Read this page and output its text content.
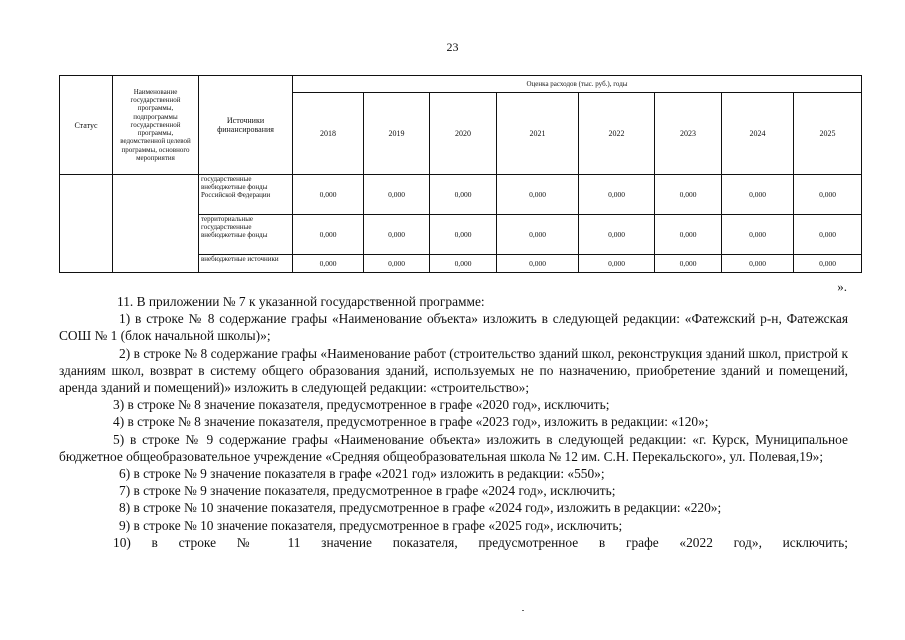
23
Статус	Наименование государственной программы, подпрограммы государственной программы, ведомственной целевой программы, основного мероприятия	Источники финансирования	Оценка расходов (тыс. руб.), годы							
			2018	2019	2020	2021	2022	2023	2024	2025
		государственные внебюджетные фонды Российской Федерации	0,000	0,000	0,000	0,000	0,000	0,000	0,000	0,000
		территориальные государственные внебюджетные фонды	0,000	0,000	0,000	0,000	0,000	0,000	0,000	0,000
		внебюджетные источники	0,000	0,000	0,000	0,000	0,000	0,000	0,000	0,000
».

11. В приложении № 7 к указанной государственной программе:

1) в строке № 8 содержание графы «Наименование объекта» изложить в следующей редакции: «Фатежский р-н, Фатежская СОШ № 1 (блок начальной школы)»;

2) в строке № 8 содержание графы «Наименование работ (строительство зданий школ, реконструкция зданий школ, пристрой к зданиям школ, возврат в систему общего образования зданий, используемых не по назначению, приобретение зданий и помещений, аренда зданий и помещений)» изложить в следующей редакции: «строительство»;

3) в строке № 8 значение показателя, предусмотренное в графе «2020 год», исключить;

4) в строке № 8 значение показателя, предусмотренное в графе «2023 год», изложить в редакции: «120»;

5) в строке № 9 содержание графы «Наименование объекта» изложить в следующей редакции: «г. Курск, Муниципальное бюджетное общеобразовательное учреждение «Средняя общеобразовательная школа № 12 им. С.Н. Перекальского», ул. Полевая,19»;

6) в строке № 9 значение показателя в графе «2021 год» изложить в редакции: «550»;

7) в строке № 9 значение показателя, предусмотренное в графе «2024 год», исключить;

8) в строке № 10 значение показателя, предусмотренное в графе «2024 год», изложить в редакции: «220»;

9) в строке № 10 значение показателя, предусмотренное в графе «2025 год», исключить;

10) в строке № 11 значение показателя, предусмотренное в графе «2022 год», исключить;
